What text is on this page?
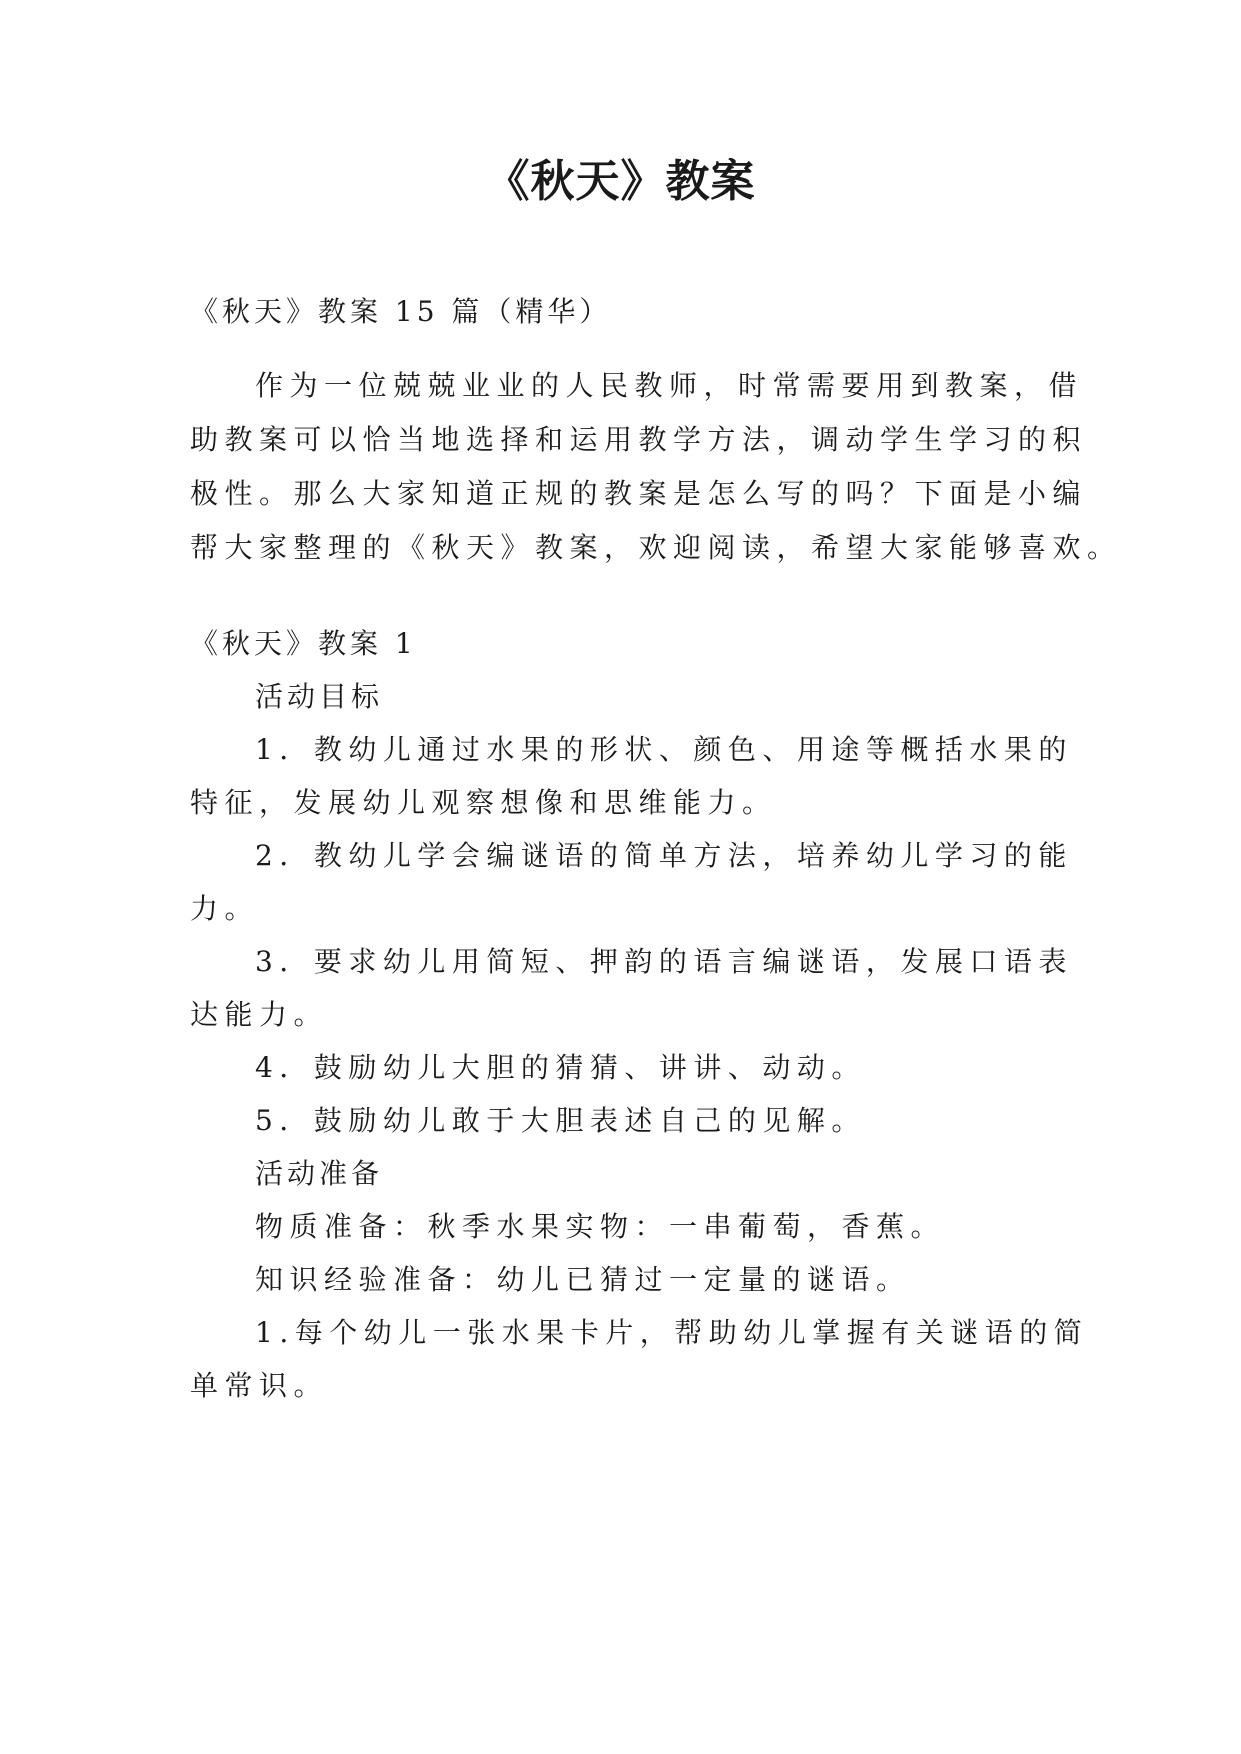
《秋天》教案
《秋天》教案 15 篇（精华）
作为一位兢兢业业的人民教师，时常需要用到教案，借
助教案可以恰当地选择和运用教学方法，调动学生学习的积
极性。那么大家知道正规的教案是怎么写的吗？下面是小编
帮大家整理的《秋天》教案，欢迎阅读，希望大家能够喜欢。
《秋天》教案 1
活动目标
1．教幼儿通过水果的形状、颜色、用途等概括水果的
特征，发展幼儿观察想像和思维能力。
2．教幼儿学会编谜语的简单方法，培养幼儿学习的能
力。
3．要求幼儿用简短、押韵的语言编谜语，发展口语表
达能力。
4．鼓励幼儿大胆的猜猜、讲讲、动动。
5．鼓励幼儿敢于大胆表述自己的见解。
活动准备
物质准备：秋季水果实物：一串葡萄，香蕉。
知识经验准备：幼儿已猜过一定量的谜语。
1.每个幼儿一张水果卡片，帮助幼儿掌握有关谜语的简
单常识。
